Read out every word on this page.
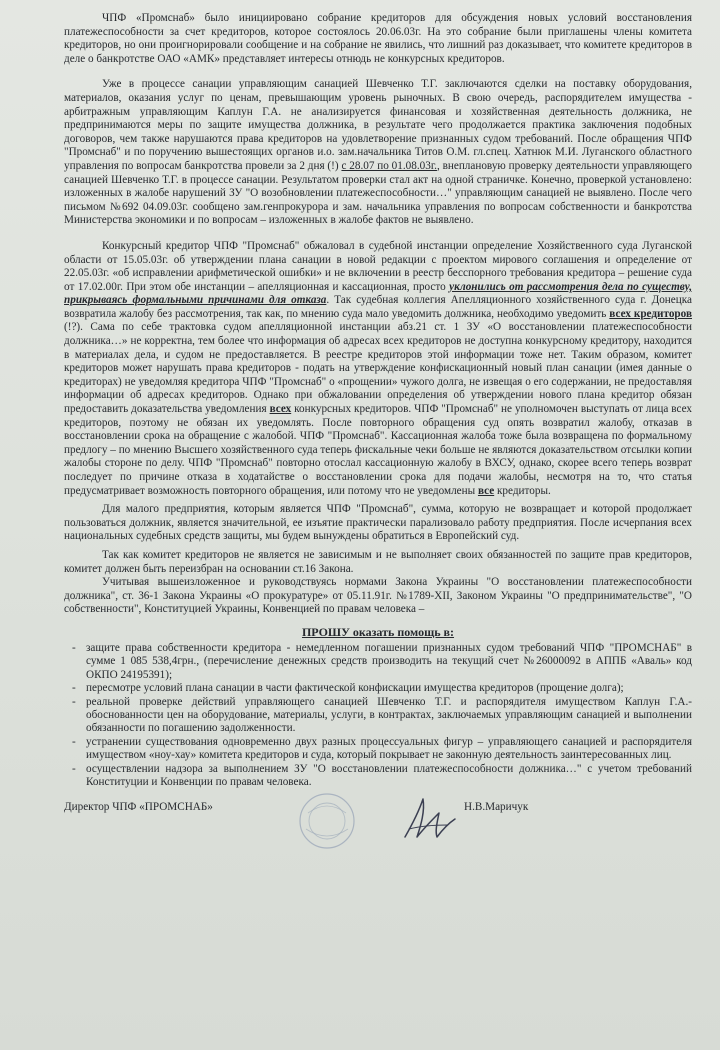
ЧПФ «Промснаб» было инициировано собрание кредиторов для обсуждения новых условий восстановления платежеспособности за счет кредиторов, которое состоялось 20.06.03г. На это собрание были приглашены члены комитета кредиторов, но они проигнорировали сообщение и на собрание не явились, что лишний раз доказывает, что комитете кредиторов в деле о банкротстве ОАО «АМК» представляет интересы отнюдь не конкурсных кредиторов.

Уже в процессе санации управляющим санацией Шевченко Т.Г. заключаются сделки на поставку оборудования, материалов, оказания услуг по ценам, превышающим уровень рыночных. В свою очередь, распорядителем имущества - арбитражным управляющим Каплун Г.А. не анализируется финансовая и хозяйственная деятельность должника, не предпринимаются меры по защите имущества должника, в результате чего продолжается практика заключения подобных договоров, чем также нарушаются права кредиторов на удовлетворение признанных судом требований. После обращения ЧПФ "Промснаб" и по поручению вышестоящих органов и.о. зам.начальника Титов О.М. гл.спец. Хатнюк М.И. Луганского областного управления по вопросам банкротства провели за 2 дня (!) с 28.07 по 01.08.03г., внеплановую проверку деятельности управляющего санацией Шевченко Т.Г. в процессе санации. Результатом проверки стал акт на одной страничке. Конечно, проверкой установлено: изложенных в жалобе нарушений ЗУ "О возобновлении платежеспособности…" управляющим санацией не выявлено. После чего письмом №692 04.09.03г. сообщено зам.генпрокурора и зам. начальника управления по вопросам собственности и банкротства Министерства экономики и по вопросам – изложенных в жалобе фактов не выявлено.

Конкурсный кредитор ЧПФ "Промснаб" обжаловал в судебной инстанции определение Хозяйственного суда Луганской области от 15.05.03г. об утверждении плана санации в новой редакции с проектом мирового соглашения и определение от 22.05.03г. «об исправлении арифметической ошибки» и не включении в реестр бесспорного требования кредитора – решение суда от 17.02.00г. При этом обе инстанции – апелляционная и кассационная, просто уклонились от рассмотрения дела по существу, прикрываясь формальными причинами для отказа. Так судебная коллегия Апелляционного хозяйственного суда г. Донецка возвратила жалобу без рассмотрения, так как, по мнению суда мало уведомить должника, необходимо уведомить всех кредиторов (!?). Сама по себе трактовка судом апелляционной инстанции абз.21 ст. 1 ЗУ «О восстановлении платежеспособности должника…» не корректна, тем более что информация об адресах всех кредиторов не доступна конкурсному кредитору, находится в материалах дела, и судом не предоставляется. В реестре кредиторов этой информации тоже нет. Таким образом, комитет кредиторов может нарушать права кредиторов - подать на утверждение конфискационный новый план санации (имея данные о кредиторах) не уведомляя кредитора ЧПФ "Промснаб" о «прощении» чужого долга, не извещая о его содержании, не предоставляя информации об адресах кредиторов. Однако при обжаловании определения об утверждении нового плана кредитор обязан предоставить доказательства уведомления всех конкурсных кредиторов. ЧПФ "Промснаб" не уполномочен выступать от лица всех кредиторов, поэтому не обязан их уведомлять. После повторного обращения суд опять возвратил жалобу, отказав в восстановлении срока на обращение с жалобой. ЧПФ "Промснаб". Кассационная жалоба тоже была возвращена по формальному предлогу – по мнению Высшего хозяйственного суда теперь фискальные чеки больше не являются доказательством отсылки копии жалобы стороне по делу. ЧПФ "Промснаб" повторно отослал кассационную жалобу в ВХСУ, однако, скорее всего теперь возврат последует по причине отказа в ходатайстве о восстановлении срока для подачи жалобы, несмотря на то, что статья предусматривает возможность повторного обращения, или потому что не уведомлены все кредиторы.

Для малого предприятия, которым является ЧПФ "Промснаб", сумма, которую не возвращает и которой продолжает пользоваться должник, является значительной, ее изъятие практически парализовало работу предприятия. После исчерпания всех национальных судебных средств защиты, мы будем вынуждены обратиться в Европейский суд.

Так как комитет кредиторов не является не зависимым и не выполняет своих обязанностей по защите прав кредиторов, комитет должен быть переизбран на основании ст.16 Закона.

Учитывая вышеизложенное и руководствуясь нормами Закона Украины "О восстановлении платежеспособности должника", ст. 36-1 Закона Украины «О прокуратуре» от 05.11.91г. №1789-XII, Законом Украины "О предпринимательстве", "О собственности", Конституцией Украины, Конвенцией по правам человека –

ПРОШУ оказать помощь в:
- защите права собственности кредитора - немедленном погашении признанных судом требований ЧПФ "ПРОМСНАБ" в сумме 1 085 538,4грн., (перечисление денежных средств производить на текущий счет №26000092 в АППБ «Аваль» код ОКПО 24195391);
- пересмотре условий плана санации в части фактической конфискации имущества кредиторов (прощение долга);
- реальной проверке действий управляющего санацией Шевченко Т.Г. и распорядителя имуществом Каплун Г.А.- обоснованности цен на оборудование, материалы, услуги, в контрактах, заключаемых управляющим санацией и выполнении обязанности по погашению задолженности.
- устранении существования одновременно двух разных процессуальных фигур – управляющего санацией и распорядителя имуществом «ноу-хау» комитета кредиторов и суда, который покрывает не законную деятельность заинтересованных лиц.
- осуществлении надзора за выполнением ЗУ "О восстановлении платежеспособности должника…" с учетом требований Конституции и Конвенции по правам человека.
Директор ЧПФ «ПРОМСНАБ»	Н.В.Маричук
